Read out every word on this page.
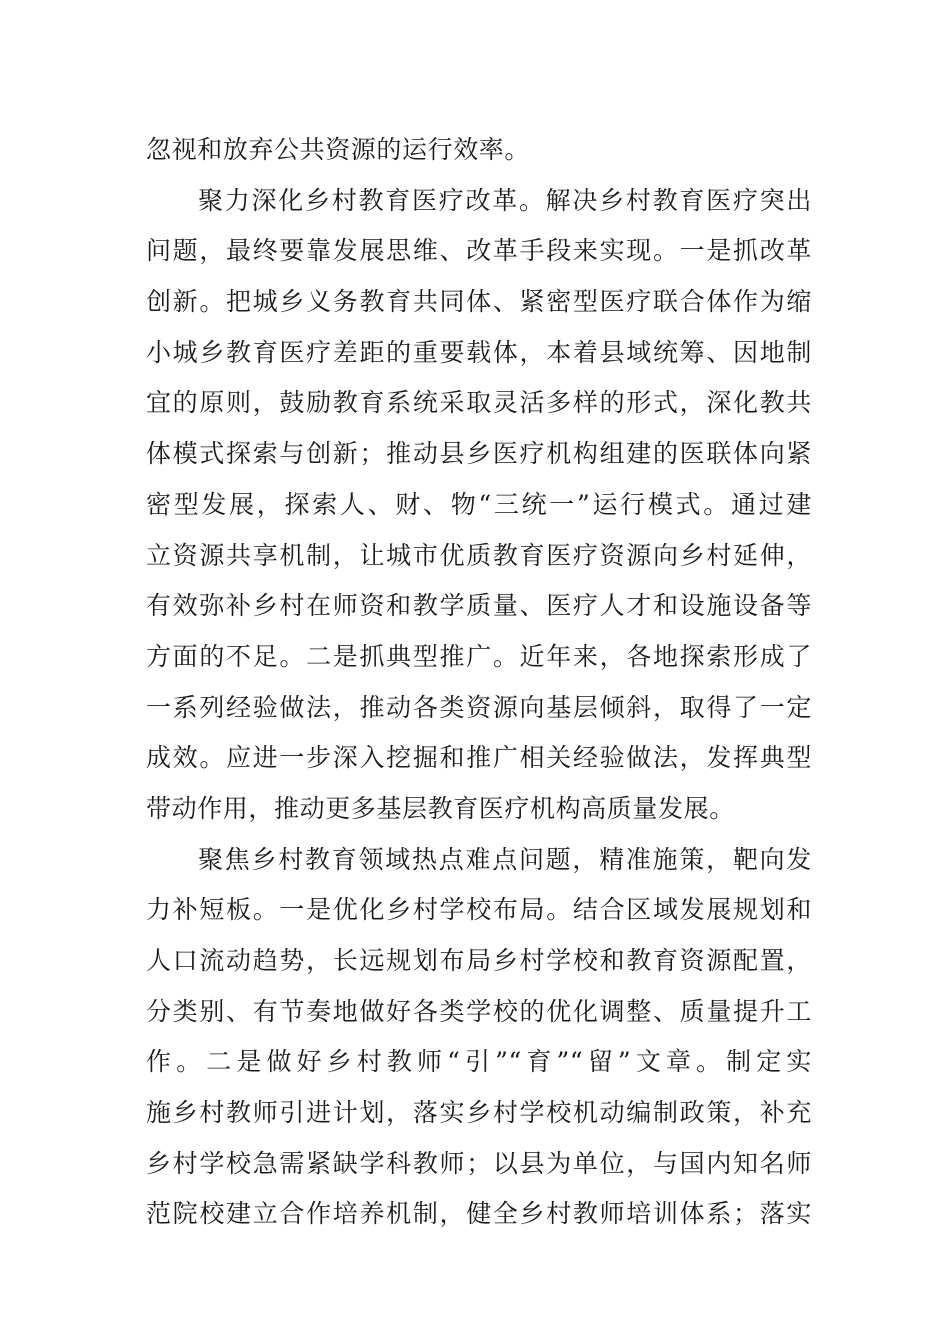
忽视和放弃公共资源的运行效率。
聚力深化乡村教育医疗改革。解决乡村教育医疗突出
问题，最终要靠发展思维、改革手段来实现。一是抓改革
创新。把城乡义务教育共同体、紧密型医疗联合体作为缩
小城乡教育医疗差距的重要载体，本着县域统筹、因地制
宜的原则，鼓励教育系统采取灵活多样的形式，深化教共
体模式探索与创新；推动县乡医疗机构组建的医联体向紧
密型发展，探索人、财、物“三统一”运行模式。通过建
立资源共享机制，让城市优质教育医疗资源向乡村延伸，
有效弥补乡村在师资和教学质量、医疗人才和设施设备等
方面的不足。二是抓典型推广。近年来，各地探索形成了
一系列经验做法，推动各类资源向基层倾斜，取得了一定
成效。应进一步深入挖掘和推广相关经验做法，发挥典型
带动作用，推动更多基层教育医疗机构高质量发展。
聚焦乡村教育领域热点难点问题，精准施策，靶向发
力补短板。一是优化乡村学校布局。结合区域发展规划和
人口流动趋势，长远规划布局乡村学校和教育资源配置，
分类别、有节奏地做好各类学校的优化调整、质量提升工
作。二是做好乡村教师“引”“育”“留”文章。制定实
施乡村教师引进计划，落实乡村学校机动编制政策，补充
乡村学校急需紧缺学科教师；以县为单位，与国内知名师
范院校建立合作培养机制，健全乡村教师培训体系；落实
